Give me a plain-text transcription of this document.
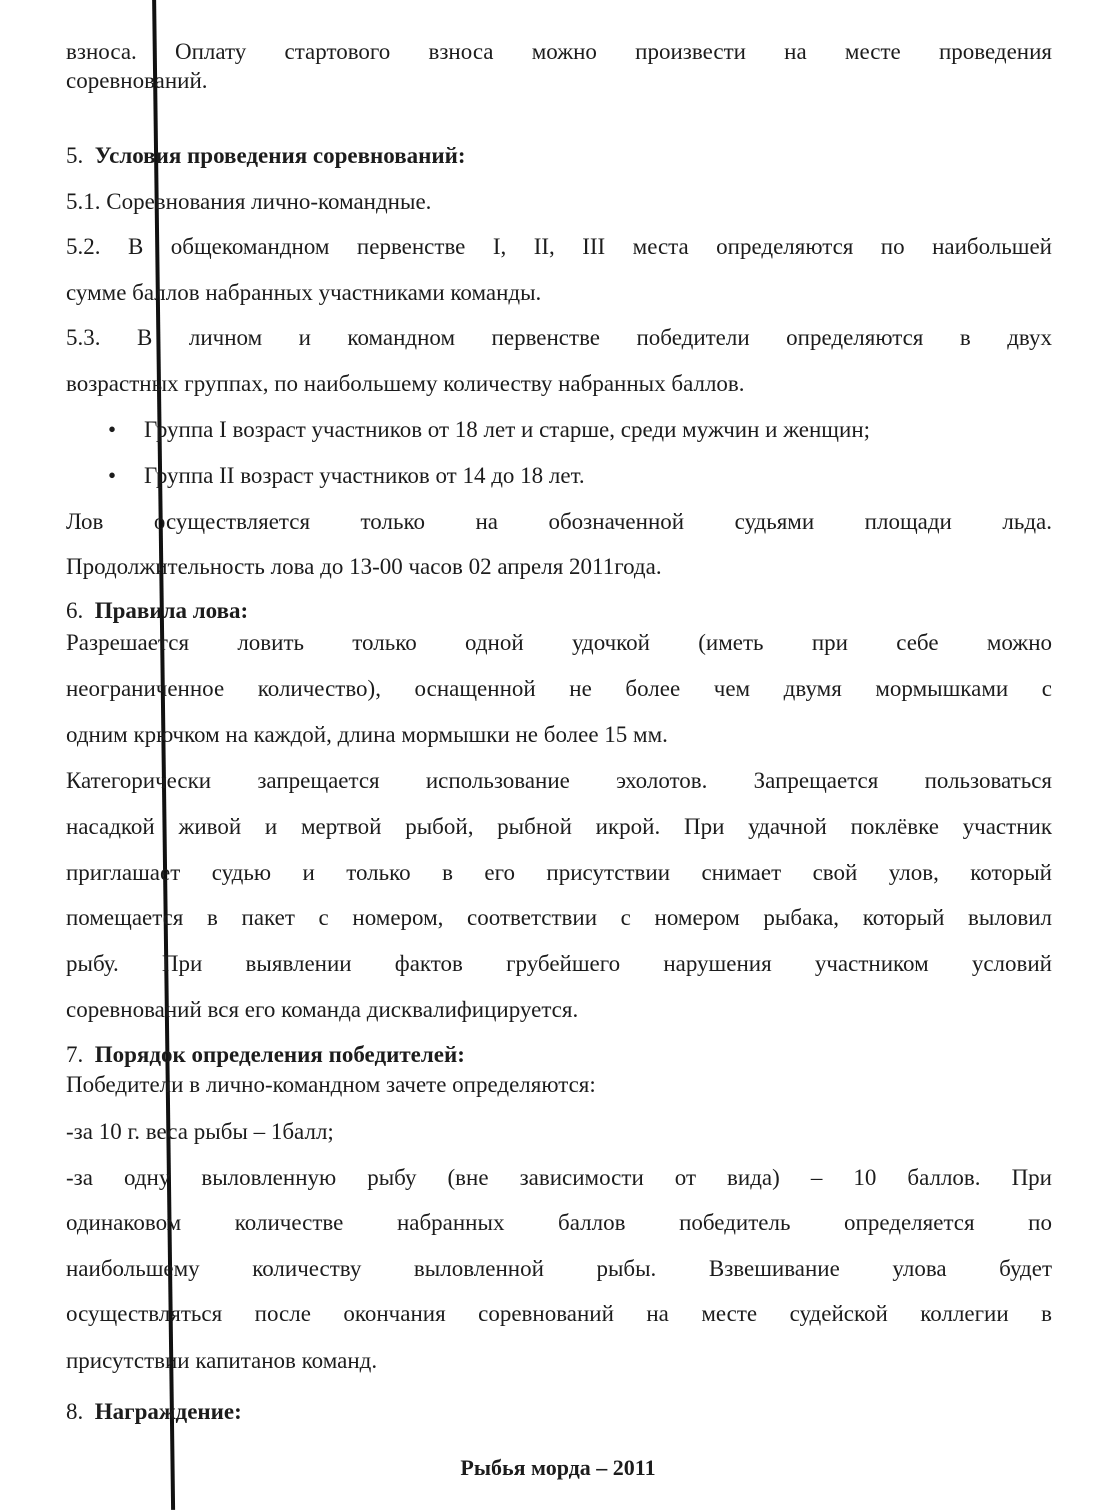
взноса. Оплату стартового взноса можно произвести на месте проведения
соревнований.
5. Условия проведения соревнований:
5.1. Соревнования лично-командные.
5.2. В общекомандном первенстве I, II, III места определяются по наибольшей
сумме баллов набранных участниками команды.
5.3. В личном и командном первенстве победители определяются в двух
возрастных группах, по наибольшему количеству набранных баллов.
• Группа I возраст участников от 18 лет и старше, среди мужчин и женщин;
• Группа II возраст участников от 14 до 18 лет.
Лов осуществляется только на обозначенной судьями площади льда.
Продолжительность лова до 13-00 часов 02 апреля 2011года.
6. Правила лова:
Разрешается ловить только одной удочкой (иметь при себе можно
неограниченное количество), оснащенной не более чем двумя мормышками с
одним крючком на каждой, длина мормышки не более 15 мм.
Категорически запрещается использование эхолотов. Запрещается пользоваться
насадкой живой и мертвой рыбой, рыбной икрой. При удачной поклёвке участник
приглашает судью и только в его присутствии снимает свой улов, который
помещается в пакет с номером, соответствии с номером рыбака, который выловил
рыбу. При выявлении фактов грубейшего нарушения участником условий
соревнований вся его команда дисквалифицируется.
7. Порядок определения победителей:
Победители в лично-командном зачете определяются:
-за 10 г. веса рыбы – 1балл;
-за одну выловленную рыбу (вне зависимости от вида) – 10 баллов. При
одинаковом количестве набранных баллов победитель определяется по
наибольшему количеству выловленной рыбы. Взвешивание улова будет
осуществляться после окончания соревнований на месте судейской коллегии в
присутствии капитанов команд.
8. Награждение:
Рыбья морда – 2011
